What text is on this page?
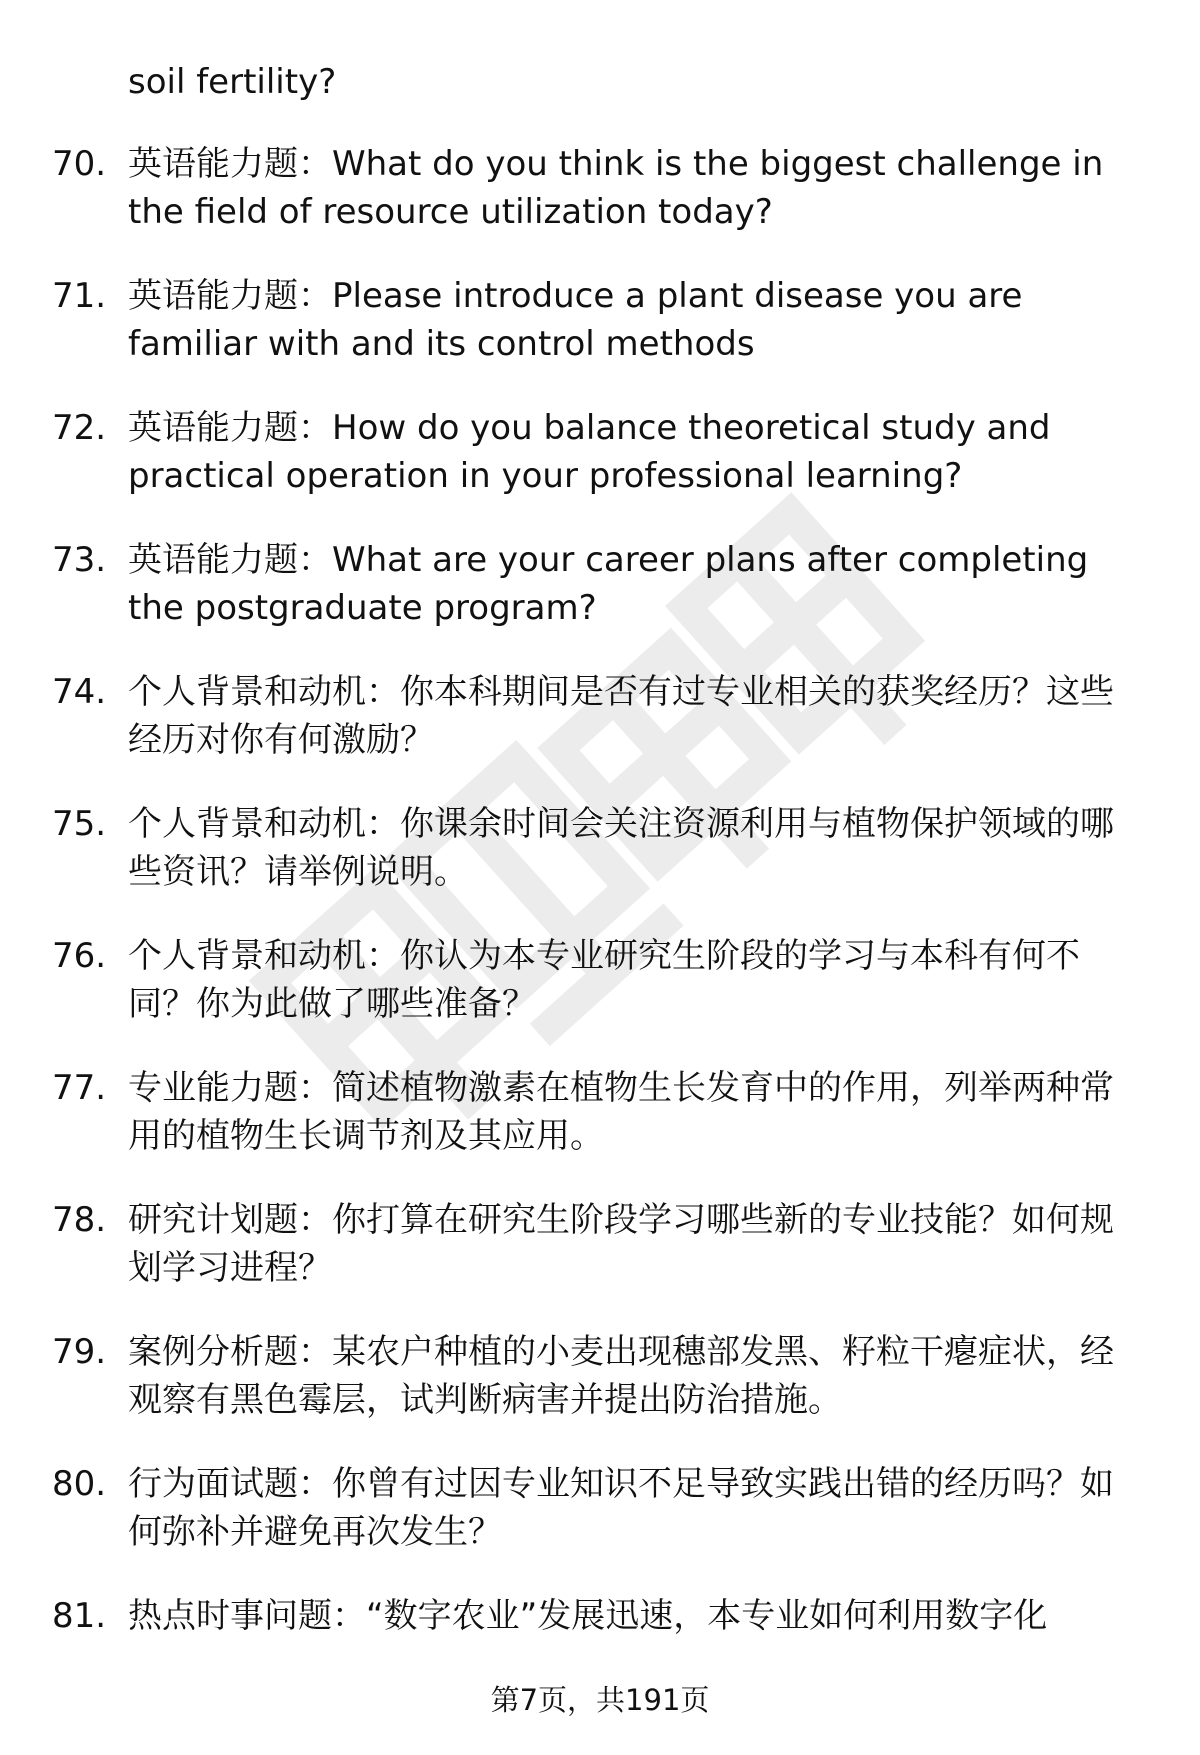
soil fertility?
70. 英语能力题：What do you think is the biggest challenge in the field of resource utilization today?
71. 英语能力题：Please introduce a plant disease you are familiar with and its control methods
72. 英语能力题：How do you balance theoretical study and practical operation in your professional learning?
73. 英语能力题：What are your career plans after completing the postgraduate program?
74. 个人背景和动机：你本科期间是否有过专业相关的获奖经历？这些经历对你有何激励？
75. 个人背景和动机：你课余时间会关注资源利用与植物保护领域的哪些资讯？请举例说明。
76. 个人背景和动机：你认为本专业研究生阶段的学习与本科有何不同？你为此做了哪些准备？
77. 专业能力题：简述植物激素在植物生长发育中的作用，列举两种常用的植物生长调节剂及其应用。
78. 研究计划题：你打算在研究生阶段学习哪些新的专业技能？如何规划学习进程？
79. 案例分析题：某农户种植的小麦出现穗部发黑、籽粒干瘪症状，经观察有黑色霉层，试判断病害并提出防治措施。
80. 行为面试题：你曾有过因专业知识不足导致实践出错的经历吗？如何弥补并避免再次发生？
81. 热点时事问题：“数字农业”发展迅速，本专业如何利用数字化
第7页，共191页
